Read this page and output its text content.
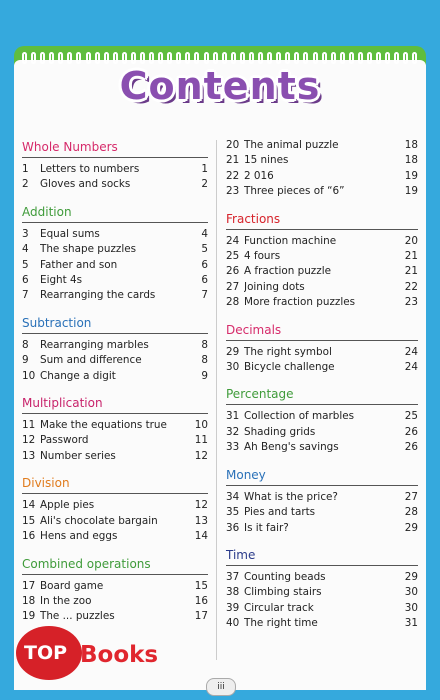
Contents
Whole Numbers
1	Letters to numbers	1
2	Gloves and socks	2
Addition
3	Equal sums	4
4	The shape puzzles	5
5	Father and son	6
6	Eight 4s	6
7	Rearranging the cards	7
Subtraction
8	Rearranging marbles	8
9	Sum and difference	8
10 Change a digit	9
Multiplication
11 Make the equations true	10
12 Password	11
13 Number series	12
Division
14 Apple pies	12
15 Ali's chocolate bargain	13
16 Hens and eggs	14
Combined operations
17 Board game	15
18 In the zoo	16
19 The ... puzzles	17
20 The animal puzzle	18
21 15 nines	18
22 2 016	19
23 Three pieces of “6”	19
Fractions
24 Function machine	20
25 4 fours	21
26 A fraction puzzle	21
27 Joining dots	22
28 More fraction puzzles	23
Decimals
29 The right symbol	24
30 Bicycle challenge	24
Percentage
31 Collection of marbles	25
32 Shading grids	26
33 Ah Beng's savings	26
Money
34 What is the price?	27
35 Pies and tarts	28
36 Is it fair?	29
Time
37 Counting beads	29
38 Climbing stairs	30
39 Circular track	30
40 The right time	31
TOP Books
iii
